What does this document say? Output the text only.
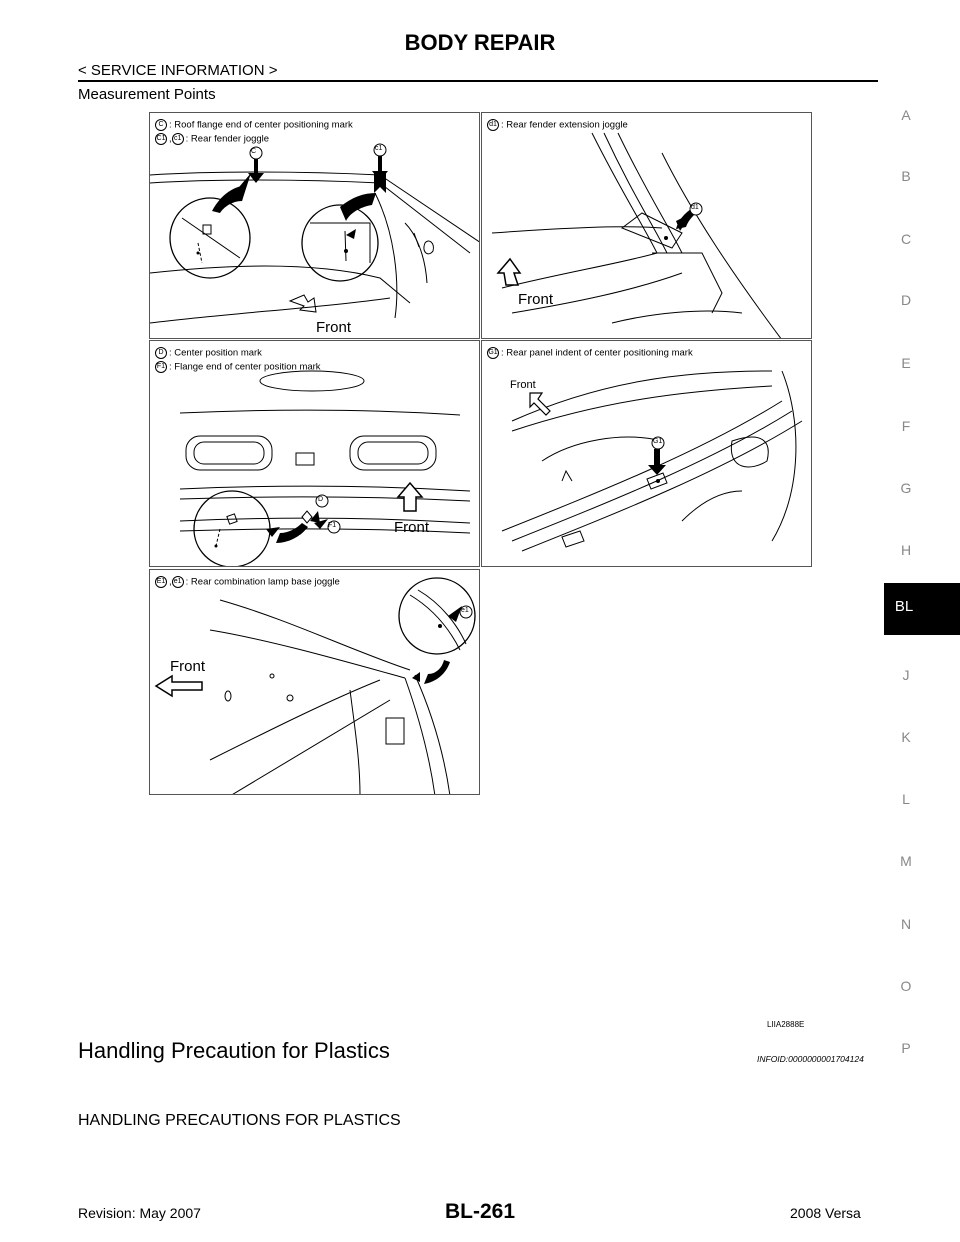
BODY REPAIR
< SERVICE INFORMATION >
Measurement Points
C : Roof flange end of center positioning mark
C1 , c1 : Rear fender joggle
C	c1
Front
d1 : Rear fender extension joggle
d1
Front
D : Center position mark
F1 : Flange end of center position mark
D
F1	Front
G1 : Rear panel indent of center positioning mark
G1
Front
E1 , e1 : Rear combination lamp base joggle
e1
Front
LIIA2888E
Handling Precaution for Plastics	INFOID:0000000001704124
HANDLING PRECAUTIONS FOR PLASTICS
Revision: May 2007	BL-261	2008 Versa
A
B
C
D
E
F
G
H
BL
J
K
L
M
N
O
P
